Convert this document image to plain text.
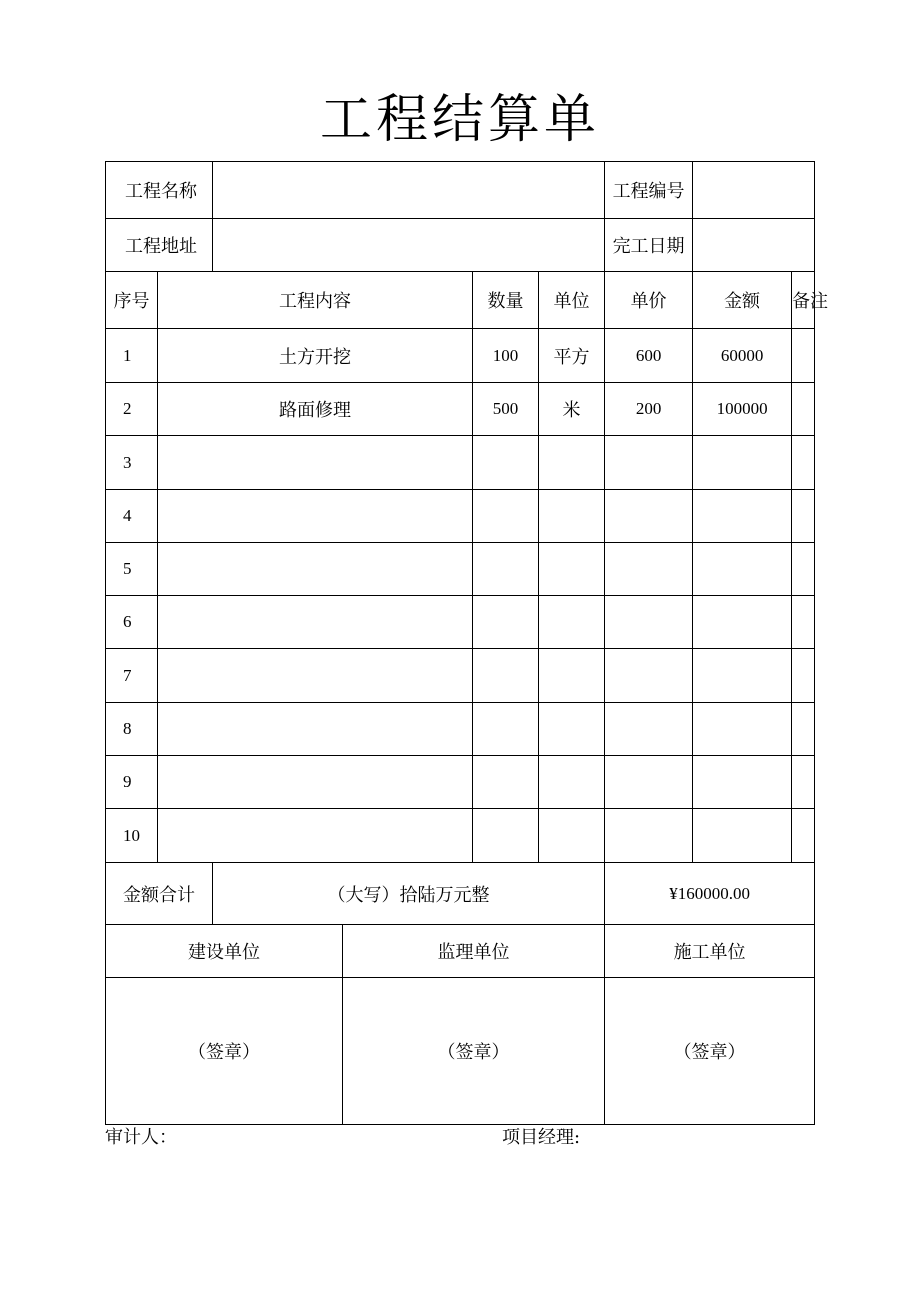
工程结算单
工程名称						工程编号		
工程地址						完工日期		
序号	工程内容			数量	单位	单价	金额	备注
1	土方开挖			100	平方	600	60000	
2	路面修理			500	米	200	100000	
3								
4								
5								
6								
7								
8								
9								
10								
金额合计		（大写）拾陆万元整				¥160000.00		
建设单位			监理单位			施工单位		
（签章）			（签章）			（签章）		
审计人：	项目经理:
